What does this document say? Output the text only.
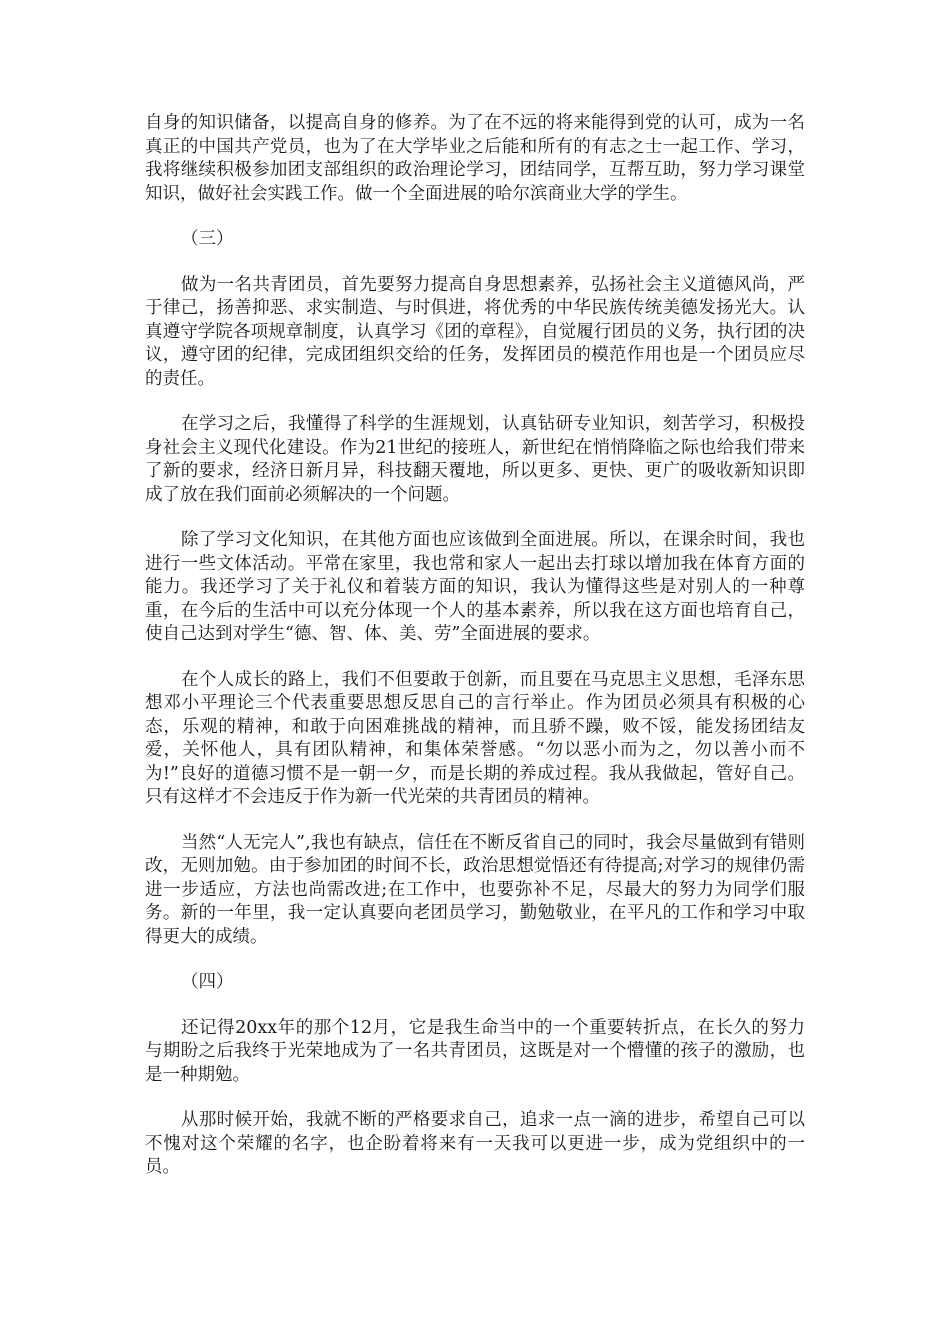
自身的知识储备，以提高自身的修养。为了在不远的将来能得到党的认可，成为一名真正的中国共产党员，也为了在大学毕业之后能和所有的有志之士一起工作、学习，我将继续积极参加团支部组织的政治理论学习，团结同学，互帮互助，努力学习课堂知识，做好社会实践工作。做一个全面进展的哈尔滨商业大学的学生。

（三）

做为一名共青团员，首先要努力提高自身思想素养，弘扬社会主义道德风尚，严于律己，扬善抑恶、求实制造、与时俱进，将优秀的中华民族传统美德发扬光大。认真遵守学院各项规章制度，认真学习《团的章程》，自觉履行团员的义务，执行团的决议，遵守团的纪律，完成团组织交给的任务，发挥团员的模范作用也是一个团员应尽的责任。

在学习之后，我懂得了科学的生涯规划，认真钻研专业知识，刻苦学习，积极投身社会主义现代化建设。作为21世纪的接班人，新世纪在悄悄降临之际也给我们带来了新的要求，经济日新月异，科技翻天覆地，所以更多、更快、更广的吸收新知识即成了放在我们面前必须解决的一个问题。

除了学习文化知识，在其他方面也应该做到全面进展。所以，在课余时间，我也进行一些文体活动。平常在家里，我也常和家人一起出去打球以增加我在体育方面的能力。我还学习了关于礼仪和着装方面的知识，我认为懂得这些是对别人的一种尊重，在今后的生活中可以充分体现一个人的基本素养，所以我在这方面也培育自己，使自己达到对学生“德、智、体、美、劳”全面进展的要求。

在个人成长的路上，我们不但要敢于创新，而且要在马克思主义思想，毛泽东思想邓小平理论三个代表重要思想反思自己的言行举止。作为团员必须具有积极的心态，乐观的精神，和敢于向困难挑战的精神，而且骄不躁，败不馁，能发扬团结友爱，关怀他人，具有团队精神，和集体荣誉感。“勿以恶小而为之，勿以善小而不为!”良好的道德习惯不是一朝一夕，而是长期的养成过程。我从我做起，管好自己。只有这样才不会违反于作为新一代光荣的共青团员的精神。

当然“人无完人”,我也有缺点，信任在不断反省自己的同时，我会尽量做到有错则改，无则加勉。由于参加团的时间不长，政治思想觉悟还有待提高;对学习的规律仍需进一步适应，方法也尚需改进;在工作中，也要弥补不足，尽最大的努力为同学们服务。新的一年里，我一定认真要向老团员学习，勤勉敬业，在平凡的工作和学习中取得更大的成绩。

（四）

还记得20xx年的那个12月，它是我生命当中的一个重要转折点，在长久的努力与期盼之后我终于光荣地成为了一名共青团员，这既是对一个懵懂的孩子的激励，也是一种期勉。

从那时候开始，我就不断的严格要求自己，追求一点一滴的进步，希望自己可以不愧对这个荣耀的名字，也企盼着将来有一天我可以更进一步，成为党组织中的一员。
